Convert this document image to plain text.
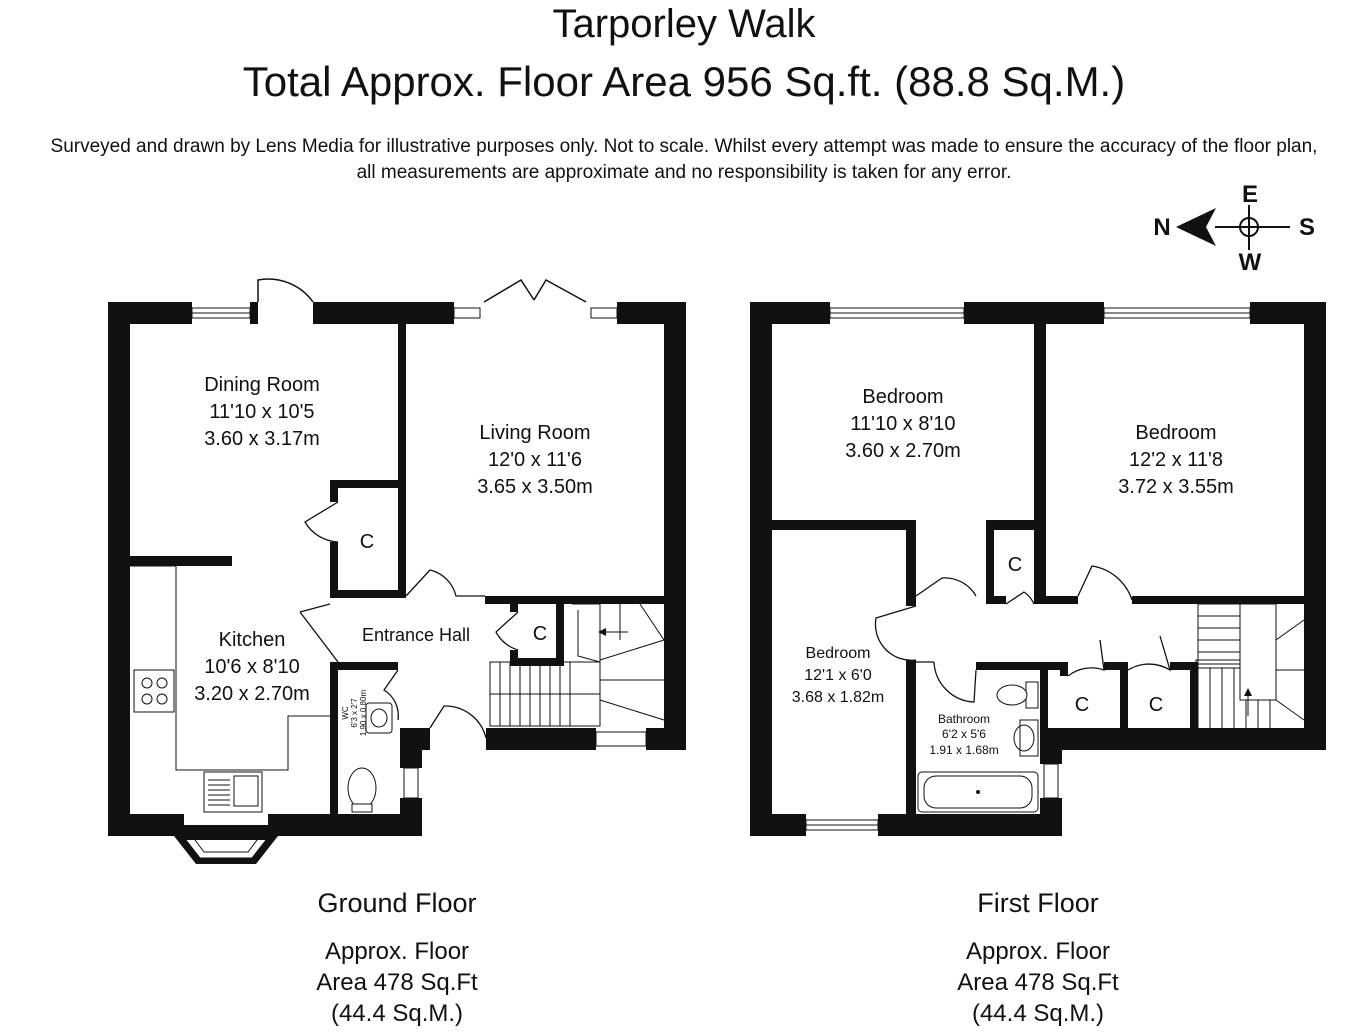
Tarporley Walk
Total Approx. Floor Area 956 Sq.ft. (88.8 Sq.M.)
Surveyed and drawn by Lens Media for illustrative purposes only. Not to scale. Whilst every attempt was made to ensure the accuracy of the floor plan,
all measurements are approximate and no responsibility is taken for any error.
E
W
N	S
Dining Room
11'10 x 10'5
3.60 x 3.17m	Living Room
12'0 x 11'6
3.65 x 3.50m
Kitchen
10'6 x 8'10
3.20 x 2.70m
Entrance Hall
C
C
WC 6'3 x 2'7 1.90 x 0.80m
Bedroom
11'10 x 8'10
3.60 x 2.70m
Bedroom
12'2 x 11'8
3.72 x 3.55m
Bedroom
12'1 x 6'0
3.68 x 1.82m
Bathroom
6'2 x 5'6
1.91 x 1.68m
C
C	C
Ground Floor
Approx. Floor
Area 478 Sq.Ft
(44.4 Sq.M.)
First Floor
Approx. Floor
Area 478 Sq.Ft
(44.4 Sq.M.)
